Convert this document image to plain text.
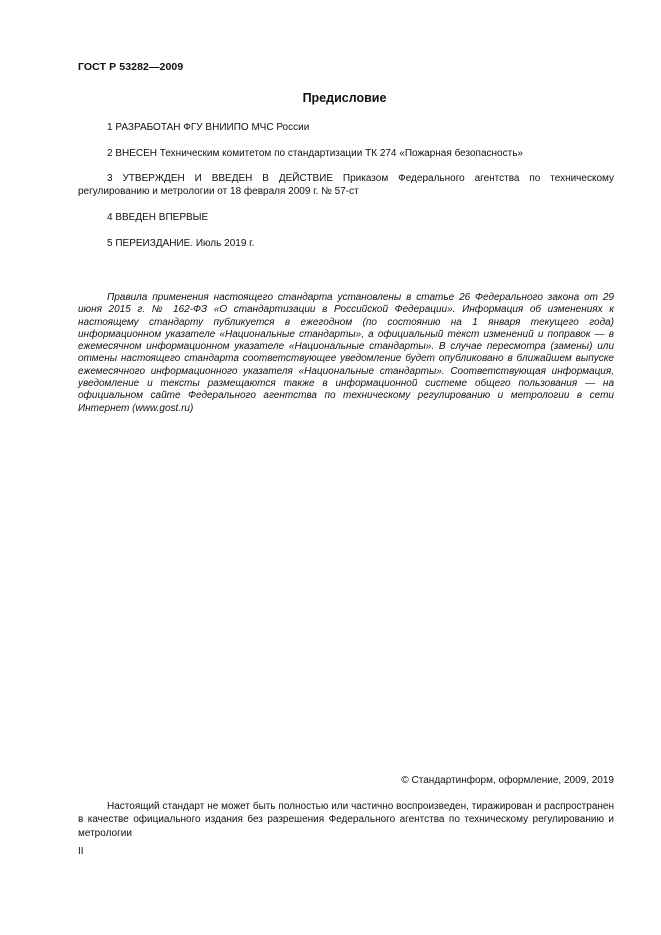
ГОСТ Р 53282—2009
Предисловие
1 РАЗРАБОТАН ФГУ ВНИИПО МЧС России
2 ВНЕСЕН Техническим комитетом по стандартизации ТК 274 «Пожарная безопасность»
3 УТВЕРЖДЕН И ВВЕДЕН В ДЕЙСТВИЕ Приказом Федерального агентства по техническому регулированию и метрологии от 18 февраля 2009 г. № 57-ст
4 ВВЕДЕН ВПЕРВЫЕ
5 ПЕРЕИЗДАНИЕ. Июль 2019 г.

Правила применения настоящего стандарта установлены в статье 26 Федерального закона от 29 июня 2015 г. № 162-ФЗ «О стандартизации в Российской Федерации». Информация об изменениях к настоящему стандарту публикуется в ежегодном (по состоянию на 1 января текущего года) информационном указателе «Национальные стандарты», а официальный текст изменений и поправок — в ежемесячном информационном указателе «Национальные стандарты». В случае пересмотра (замены) или отмены настоящего стандарта соответствующее уведомление будет опубликовано в ближайшем выпуске ежемесячного информационного указателя «Национальные стандарты». Соответствующая информация, уведомление и тексты размещаются также в информационной системе общего пользования — на официальном сайте Федерального агентства по техническому регулированию и метрологии в сети Интернет (www.gost.ru)

© Стандартинформ, оформление, 2009, 2019

Настоящий стандарт не может быть полностью или частично воспроизведен, тиражирован и распространен в качестве официального издания без разрешения Федерального агентства по техническому регулированию и метрологии

II
